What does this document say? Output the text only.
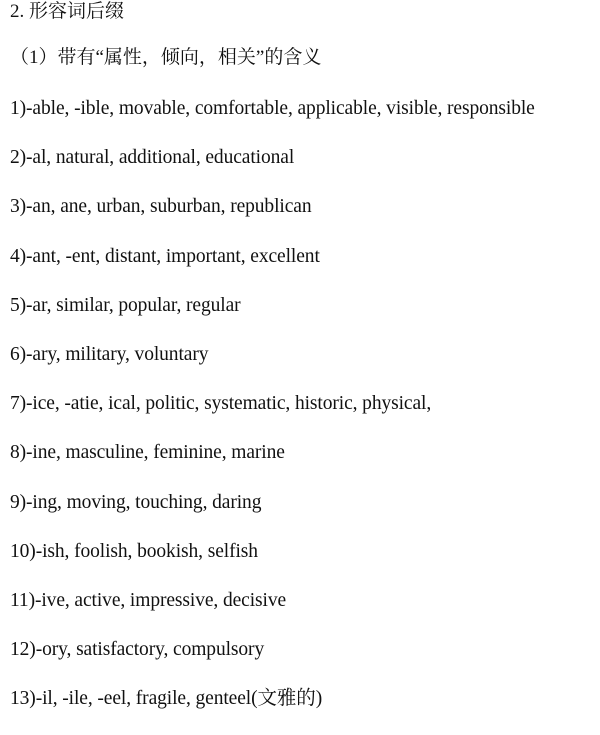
2. 形容词后缀
（1）带有“属性，倾向，相关”的含义
1)-able, -ible, movable, comfortable, applicable, visible, responsible
2)-al, natural, additional, educational
3)-an, ane, urban, suburban, republican
4)-ant, -ent, distant, important, excellent
5)-ar, similar, popular, regular
6)-ary, military, voluntary
7)-ice, -atie, ical, politic, systematic, historic, physical,
8)-ine, masculine, feminine, marine
9)-ing, moving, touching, daring
10)-ish, foolish, bookish, selfish
11)-ive, active, impressive, decisive
12)-ory, satisfactory, compulsory
13)-il, -ile, -eel, fragile, genteel(文雅的)
